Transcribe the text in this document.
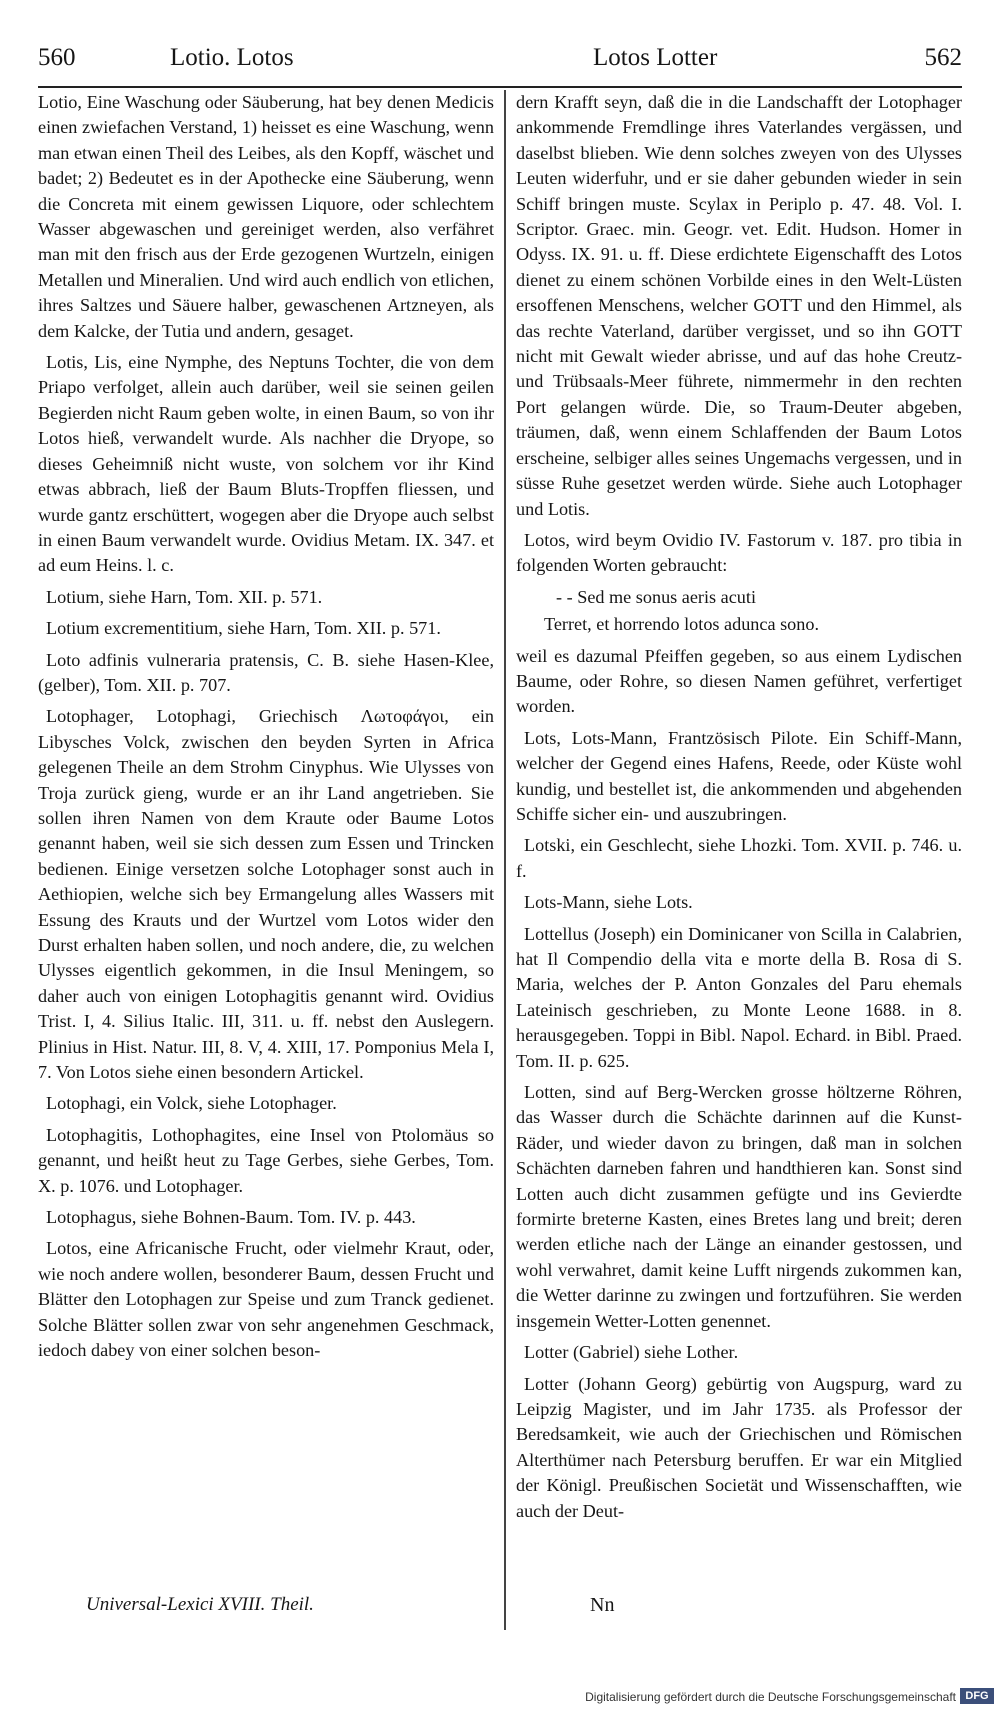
560	Lotio. Lotos	Lotos Lotter	562

Lotio, Eine Waschung oder Säuberung, hat bey denen Medicis einen zwiefachen Verstand, 1) heisset es eine Waschung, wenn man etwan einen Theil des Leibes, als den Kopff, wäschet und badet; 2) Bedeutet es in der Apothecke eine Säuberung, wenn die Concreta mit einem gewissen Liquore, oder schlechtem Wasser abgewaschen und gereiniget werden, also verfähret man mit den frisch aus der Erde gezogenen Wurtzeln, einigen Metallen und Mineralien. Und wird auch endlich von etlichen, ihres Saltzes und Säuere halber, gewaschenen Artzneyen, als dem Kalcke, der Tutia und andern, gesaget.

Lotis, Lis, eine Nymphe, des Neptuns Tochter, die von dem Priapo verfolget, allein auch darüber, weil sie seinen geilen Begierden nicht Raum geben wolte, in einen Baum, so von ihr Lotos hieß, verwandelt wurde. Als nachher die Dryope, so dieses Geheimniß nicht wuste, von solchem vor ihr Kind etwas abbrach, ließ der Baum Bluts-Tropffen fliessen, und wurde gantz erschüttert, wogegen aber die Dryope auch selbst in einen Baum verwandelt wurde. Ovidius Metam. IX. 347. et ad eum Heins. l. c.

Lotium, siehe Harn, Tom. XII. p. 571.

Lotium excrementitium, siehe Harn, Tom. XII. p. 571.

Loto adfinis vulneraria pratensis, C. B. siehe Hasen-Klee, (gelber), Tom. XII. p. 707.

Lotophager, Lotophagi, Griechisch Λωτοφάγοι, ein Libysches Volck, zwischen den beyden Syrten in Africa gelegenen Theile an dem Strohm Cinyphus. Wie Ulysses von Troja zurück gieng, wurde er an ihr Land angetrieben. Sie sollen ihren Namen von dem Kraute oder Baume Lotos genannt haben, weil sie sich dessen zum Essen und Trincken bedienen. Einige versetzen solche Lotophager sonst auch in Aethiopien, welche sich bey Ermangelung alles Wassers mit Essung des Krauts und der Wurtzel vom Lotos wider den Durst erhalten haben sollen, und noch andere, die, zu welchen Ulysses eigentlich gekommen, in die Insul Meningem, so daher auch von einigen Lotophagitis genannt wird. Ovidius Trist. I, 4. Silius Italic. III, 311. u. ff. nebst den Auslegern. Plinius in Hist. Natur. III, 8. V, 4. XIII, 17. Pomponius Mela I, 7. Von Lotos siehe einen besondern Artickel.

Lotophagi, ein Volck, siehe Lotophager.

Lotophagitis, Lothophagites, eine Insel von Ptolomäus so genannt, und heißt heut zu Tage Gerbes, siehe Gerbes, Tom. X. p. 1076. und Lotophager.

Lotophagus, siehe Bohnen-Baum. Tom. IV. p. 443.

Lotos, eine Africanische Frucht, oder vielmehr Kraut, oder, wie noch andere wollen, besonderer Baum, dessen Frucht und Blätter den Lotophagen zur Speise und zum Tranck gedienet. Solche Blätter sollen zwar von sehr angenehmen Geschmack, iedoch dabey von einer solchen beson-

dern Krafft seyn, daß die in die Landschafft der Lotophager ankommende Fremdlinge ihres Vaterlandes vergässen, und daselbst blieben. Wie denn solches zweyen von des Ulysses Leuten widerfuhr, und er sie daher gebunden wieder in sein Schiff bringen muste. Scylax in Periplo p. 47. 48. Vol. I. Scriptor. Graec. min. Geogr. vet. Edit. Hudson. Homer in Odyss. IX. 91. u. ff. Diese erdichtete Eigenschafft des Lotos dienet zu einem schönen Vorbilde eines in den Welt-Lüsten ersoffenen Menschens, welcher GOTT und den Himmel, als das rechte Vaterland, darüber vergisset, und so ihn GOTT nicht mit Gewalt wieder abrisse, und auf das hohe Creutz- und Trübsaals-Meer führete, nimmermehr in den rechten Port gelangen würde. Die, so Traum-Deuter abgeben, träumen, daß, wenn einem Schlaffenden der Baum Lotos erscheine, selbiger alles seines Ungemachs vergessen, und in süsse Ruhe gesetzet werden würde. Siehe auch Lotophager und Lotis.

Lotos, wird beym Ovidio IV. Fastorum v. 187. pro tibia in folgenden Worten gebraucht:

- - Sed me sonus aeris acuti

Terret, et horrendo lotos adunca sono.

weil es dazumal Pfeiffen gegeben, so aus einem Lydischen Baume, oder Rohre, so diesen Namen geführet, verfertiget worden.

Lots, Lots-Mann, Frantzösisch Pilote. Ein Schiff-Mann, welcher der Gegend eines Hafens, Reede, oder Küste wohl kundig, und bestellet ist, die ankommenden und abgehenden Schiffe sicher ein- und auszubringen.

Lotski, ein Geschlecht, siehe Lhozki. Tom. XVII. p. 746. u. f.

Lots-Mann, siehe Lots.

Lottellus (Joseph) ein Dominicaner von Scilla in Calabrien, hat Il Compendio della vita e morte della B. Rosa di S. Maria, welches der P. Anton Gonzales del Paru ehemals Lateinisch geschrieben, zu Monte Leone 1688. in 8. herausgegeben. Toppi in Bibl. Napol. Echard. in Bibl. Praed. Tom. II. p. 625.

Lotten, sind auf Berg-Wercken grosse höltzerne Röhren, das Wasser durch die Schächte darinnen auf die Kunst-Räder, und wieder davon zu bringen, daß man in solchen Schächten darneben fahren und handthieren kan. Sonst sind Lotten auch dicht zusammen gefügte und ins Gevierdte formirte breterne Kasten, eines Bretes lang und breit; deren werden etliche nach der Länge an einander gestossen, und wohl verwahret, damit keine Lufft nirgends zukommen kan, die Wetter darinne zu zwingen und fortzuführen. Sie werden insgemein Wetter-Lotten genennet.

Lotter (Gabriel) siehe Lother.

Lotter (Johann Georg) gebürtig von Augspurg, ward zu Leipzig Magister, und im Jahr 1735. als Professor der Beredsamkeit, wie auch der Griechischen und Römischen Alterthümer nach Petersburg beruffen. Er war ein Mitglied der Königl. Preußischen Societät und Wissenschafften, wie auch der Deut-

Universal-Lexici XVIII. Theil.	Nn
Digitalisierung gefördert durch die Deutsche Forschungsgemeinschaft DFG
